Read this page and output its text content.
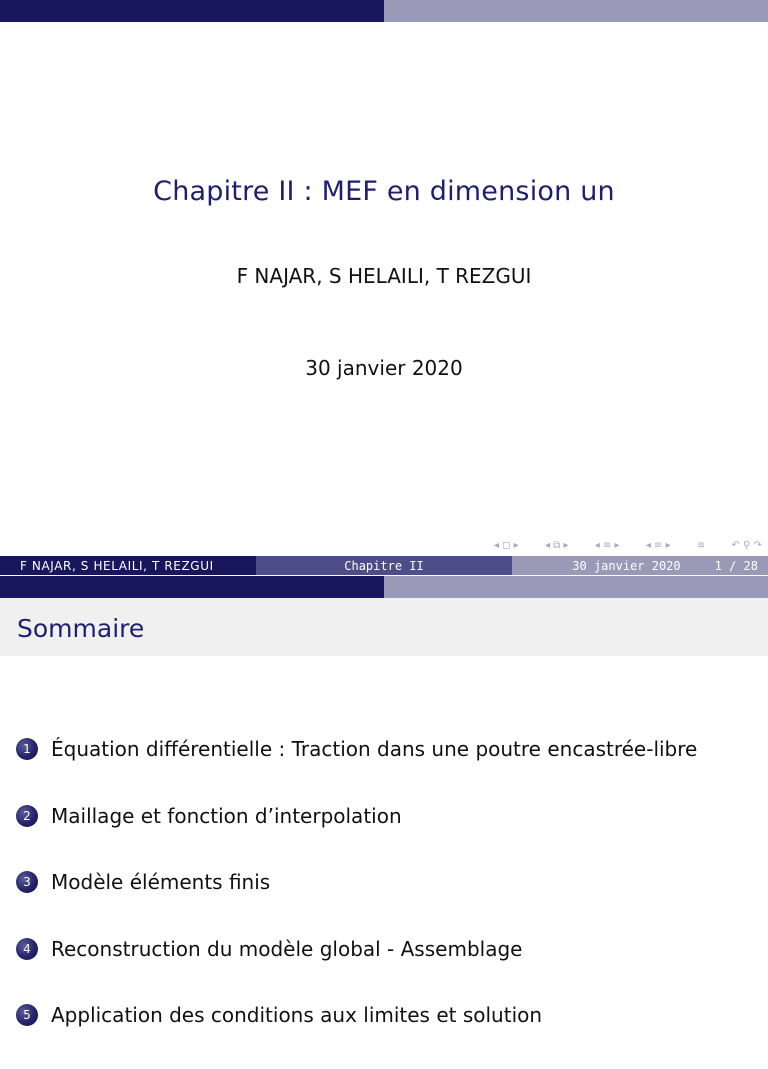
Chapitre II : MEF en dimension un
F NAJAR, S HELAILI, T REZGUI
30 janvier 2020
◂ ◻ ▸	◂ ⧉ ▸	◂ ≡ ▸	◂ ≡ ▸	≡	↶ ⚲ ↷
F NAJAR, S HELAILI, T REZGUI	Chapitre II	30 janvier 2020	1 / 28
Sommaire
1	Équation différentielle : Traction dans une poutre encastrée-libre
2	Maillage et fonction d’interpolation
3	Modèle éléments finis
4	Reconstruction du modèle global - Assemblage
5	Application des conditions aux limites et solution
